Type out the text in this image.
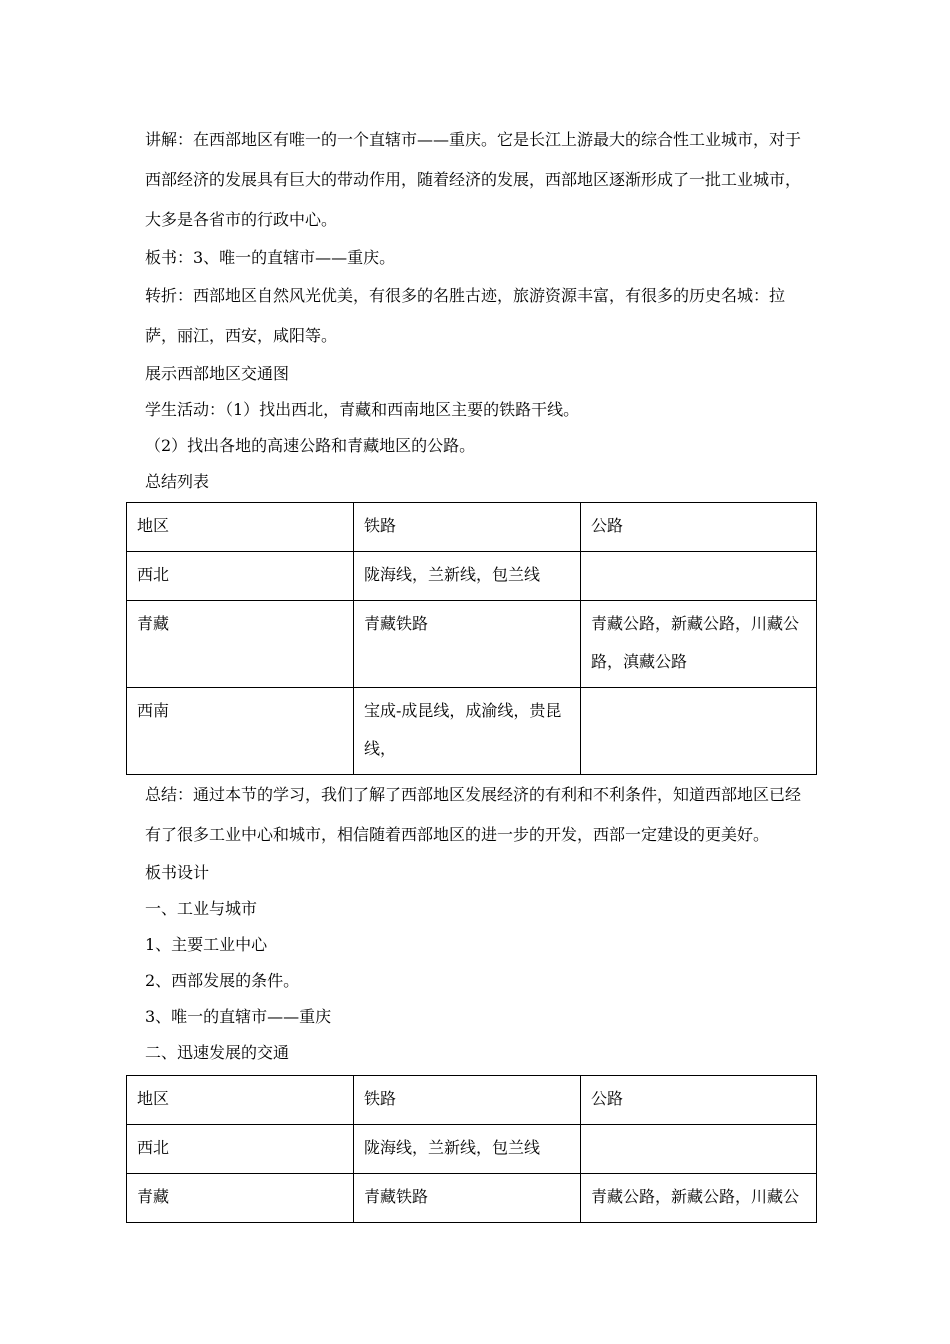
讲解：在西部地区有唯一的一个直辖市——重庆。它是长江上游最大的综合性工业城市，对于西部经济的发展具有巨大的带动作用，随着经济的发展，西部地区逐渐形成了一批工业城市，大多是各省市的行政中心。

板书：3、唯一的直辖市——重庆。

转折：西部地区自然风光优美，有很多的名胜古迹，旅游资源丰富，有很多的历史名城：拉萨，丽江，西安，咸阳等。

展示西部地区交通图

学生活动：（1）找出西北，青藏和西南地区主要的铁路干线。

（2）找出各地的高速公路和青藏地区的公路。

总结列表

地区	铁路	公路
西北	陇海线，兰新线，包兰线	
青藏	青藏铁路	青藏公路，新藏公路，川藏公路，滇藏公路
西南	宝成-成昆线，成渝线，贵昆线，	

总结：通过本节的学习，我们了解了西部地区发展经济的有利和不利条件，知道西部地区已经有了很多工业中心和城市，相信随着西部地区的进一步的开发，西部一定建设的更美好。

板书设计

一、工业与城市

1、主要工业中心

2、西部发展的条件。

3、唯一的直辖市——重庆

二、迅速发展的交通

地区	铁路	公路
西北	陇海线，兰新线，包兰线	
青藏	青藏铁路	青藏公路，新藏公路，川藏公
